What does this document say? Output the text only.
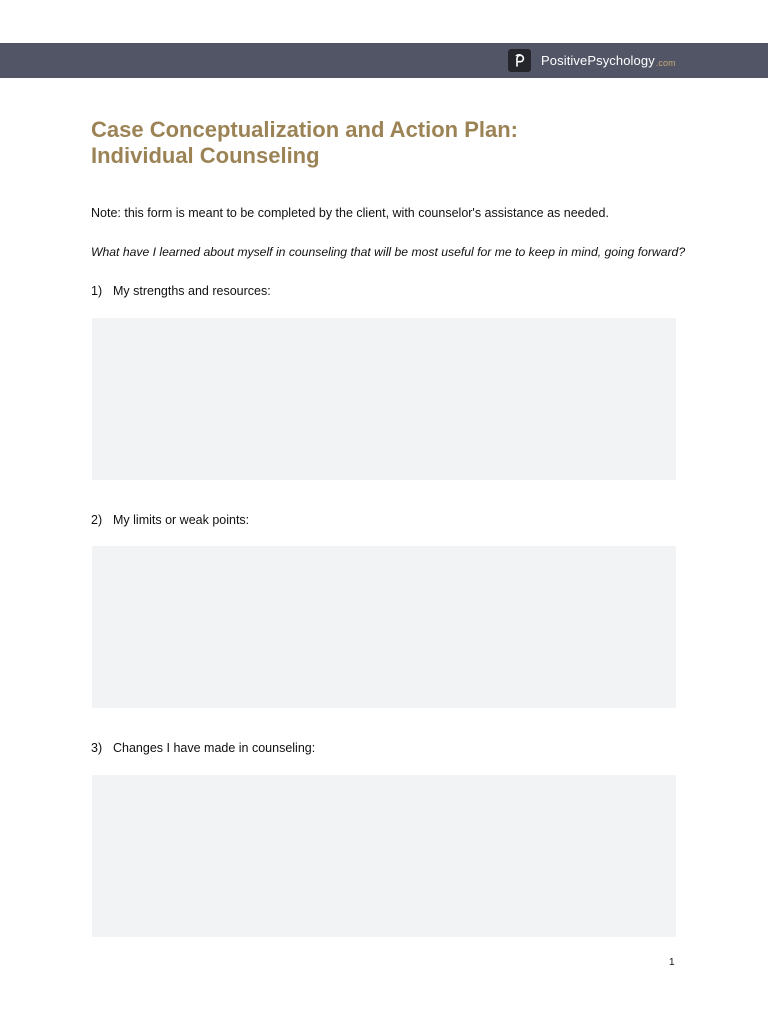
PositivePsychology.com
Case Conceptualization and Action Plan:
Individual Counseling
Note: this form is meant to be completed by the client, with counselor's assistance as needed.
What have I learned about myself in counseling that will be most useful for me to keep in mind, going forward?
1) My strengths and resources:
2) My limits or weak points:
3) Changes I have made in counseling:
1
